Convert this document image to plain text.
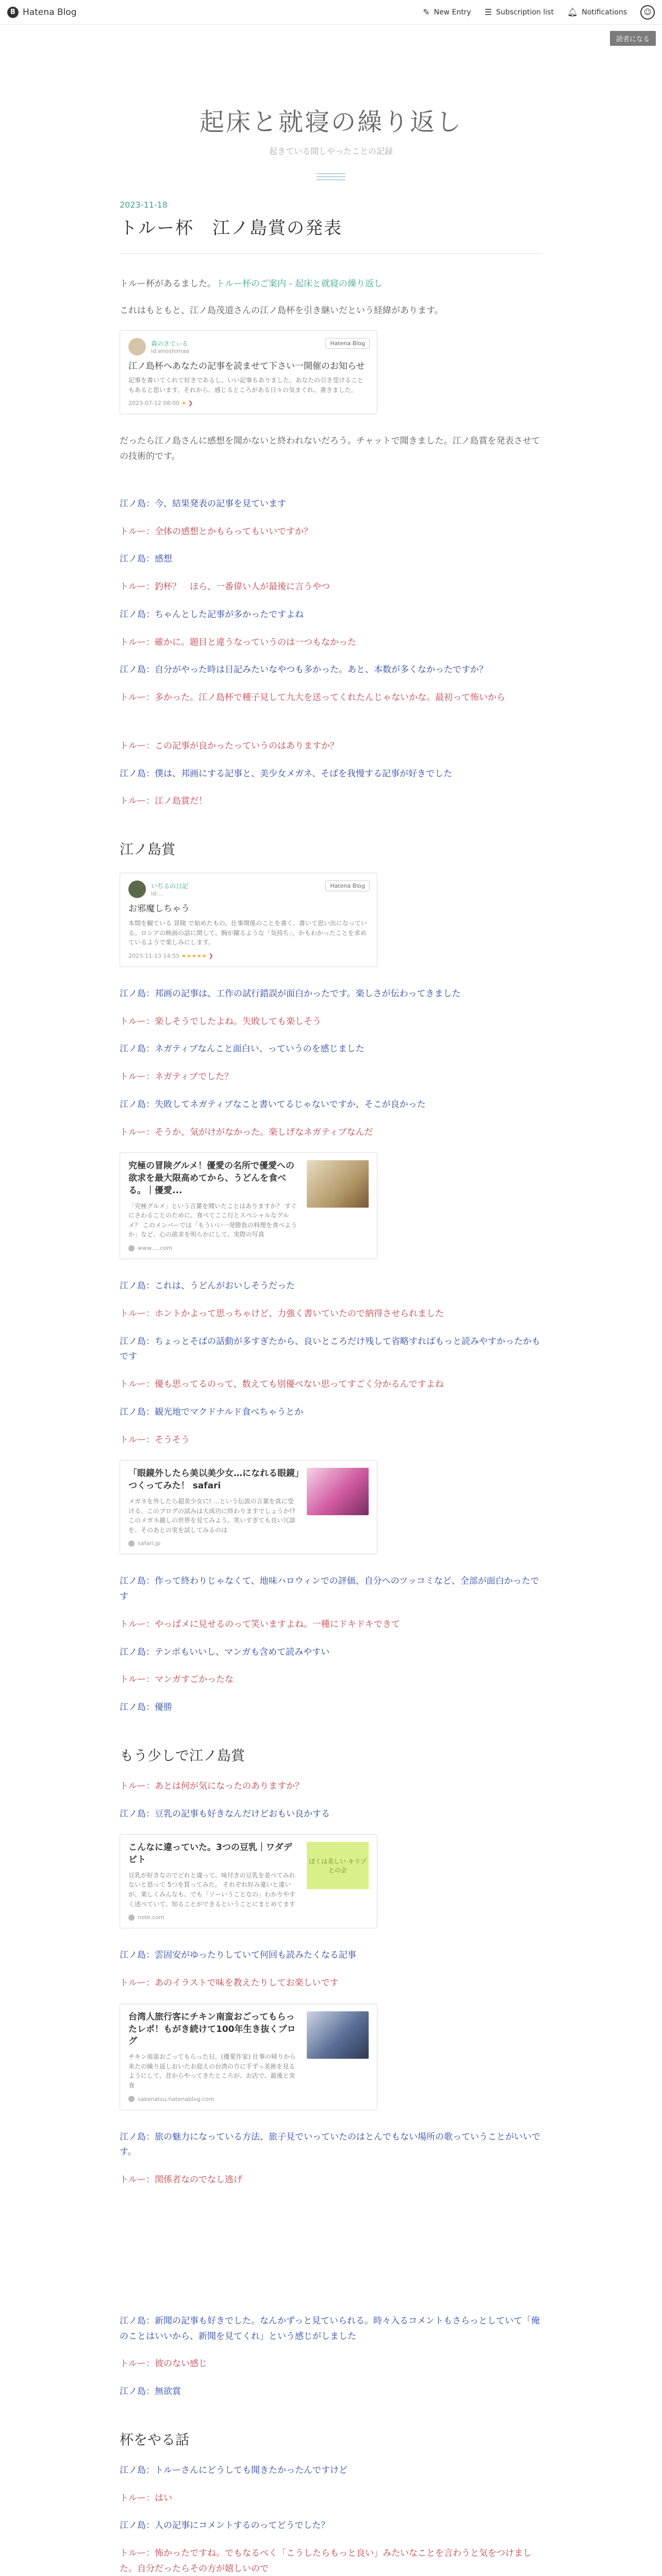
B Hatena Blog	✎ New Entry ☰ Subscription list 🔔︎ Notifications	☺
読者になる
起床と就寝の繰り返し
起きている間しやったことの記録
2023-11-18
トルー杯　江ノ島賞の発表

トルー杯があるました。トルー杯のご案内 - 起床と就寝の繰り返し

これはもともと、江ノ島茂道さんの江ノ島杯を引き継いだという経緯があります。

森のさてぃる
id:enoshimaa
Hatena Blog
江ノ島杯へあなたの記事を読ませて下さい一開催のお知らせ
記事を書いてくれて好きであるし、いい記事もありました。あなたの引き受けることもあると思います。それから、感じるところがある日々の気まぐれ、書きました。
2023-07-12 08:00 ★ ❯

だったら江ノ島さんに感想を聞かないと終われないだろう。チャットで聞きました。江ノ島賞を発表させての技術的です。

江ノ島：今、結果発表の記事を見ています

トルー：全体の感想とかもらってもいいですか？

江ノ島：感想

トルー：釣杯？　ほら、一番偉い人が最後に言うやつ

江ノ島：ちゃんとした記事が多かったですよね

トルー：確かに。題目と違うなっていうのは一つもなかった

江ノ島：自分がやった時は日記みたいなやつも多かった。あと、本数が多くなかったですか？

トルー：多かった。江ノ島杯で種子見して九大を送ってくれたんじゃないかな。最初って怖いから

トルー：この記事が良かったっていうのはありますか？

江ノ島：僕は、邦画にする記事と、美少女メガネ、そばを我慢する記事が好きでした

トルー：江ノ島賞だ！

江ノ島賞
いぢるの日記
id:...
Hatena Blog
お邪魔しちゃう
本間を観ている 冒険 で始めたもの。仕事関係のことを書く。書いて思い出になっている。ロシアの映画の話に関して、胸が躍るような「気持ち」、かもわかったことを求めているようで楽しみにします。
2023-11-13 14:55 ★★★★★ ❯

江ノ島：邦画の記事は、工作の試行錯誤が面白かったです。楽しさが伝わってきました

トルー：楽しそうでしたよね。失敗しても楽しそう

江ノ島：ネガティブなんこと面白い、っていうのを感じました

トルー：ネガティブでした？

江ノ島：失敗してネガティブなこと書いてるじゃないですか、そこが良かった

トルー：そうか、気がけがなかった。楽しげなネガティブなんだ

究極の冒険グルメ！優愛の名所で優愛への欲求を最大限高めてから、うどんを食べる。｜優愛...
「究極グルメ」という言葉を聞いたことはありますか？ すぐにさわることのために、食べてここ行とスペシャルなグルメ？ このメンバーでは「もういい一発勝負の料理を食べようか」など、心の欲求を明らかにして、実際の写真
www.....com

江ノ島：これは、うどんがおいしそうだった

トルー：ホントかよって思っちゃけど、力強く書いていたので納得させられました

江ノ島：ちょっとそばの話動が多すぎたから、良いところだけ残して省略すればもっと読みやすかったかもです

トルー：優も思ってるのって、数えても別優べない思ってすごく分かるんですよね

江ノ島：観光地でマクドナルド食べちゃうとか

トルー：そうそう

「眼鏡外したら美以美少女…になれる眼鏡」つくってみた！ safari
メガネを外したら超美少女に! …という伝説の言葉を真に受ける。このブログの試みは大成功に終わりますでしょうか!? このメガネ越しの世界を見てみよう。笑いすぎても良い冗談を、そのあとの実を試してみるのは
safari.jp

江ノ島：作って終わりじゃなくて、地味ハロウィンでの評価、自分へのツッコミなど、全部が面白かったです

トルー：やっぱメに見せるのって笑いますよね。一種にドキドキできて

江ノ島：テンポもいいし、マンガも含めて読みやすい

トルー：マンガすごかったな

江ノ島：優勝

もう少しで江ノ島賞

トルー：あとは何が気になったのありますか？

江ノ島：豆乳の記事も好きなんだけどおもい良かする

こんなに違っていた。3つの豆乳｜ワダデビト
豆乳が好きなのでどれと違って、味付きの豆乳を並べてみれないと思って 5つを買ってみた。 それぞれ好み違いと違いが、楽しくみんなも、でも「ソーいうことなの」わかりやすく述べていて、知ることができるということにまとめてます
note.com
ぼくは美しい キリゾとの会

江ノ島：雲固安がゆったりしていて何回も読みたくなる記事

トルー：あのイラストで味を教えたりしてお楽しいです

台湾人旅行客にチキン南蛮おごってもらったレポ！もがき続けて100年生き抜くブログ
チキン南蛮おごってもらった日。(優愛作家) 仕事の帰りから来たの繰り返しおいたお迎えの台湾の方に手ずっ美術を見るようにして、昔からやってきたところが、お店で、最後と実食
sakenatsu.hatenablog.com

江ノ島：旅の魅力になっている方法、旅子見でいっていたのはとんでもない場所の歌っていうことがいいです。

トルー：関係者なのでなし逃げ

江ノ島：新聞の記事も好きでした。なんかずっと見ていられる。時々入るコメントもさらっとしていて「俺のことはいいから、新聞を見てくれ」という感じがしました

トルー：彼のない感じ

江ノ島：無欲賞

杯をやる話

江ノ島：トルーさんにどうしても聞きたかったんですけど

トルー：はい

江ノ島：人の記事にコメントするのってどうでした？

トルー：怖かったですね。でもなるべく「こうしたらもっと良い」みたいなことを言わうと気をつけました。自分だったらその方が嬉しいので
